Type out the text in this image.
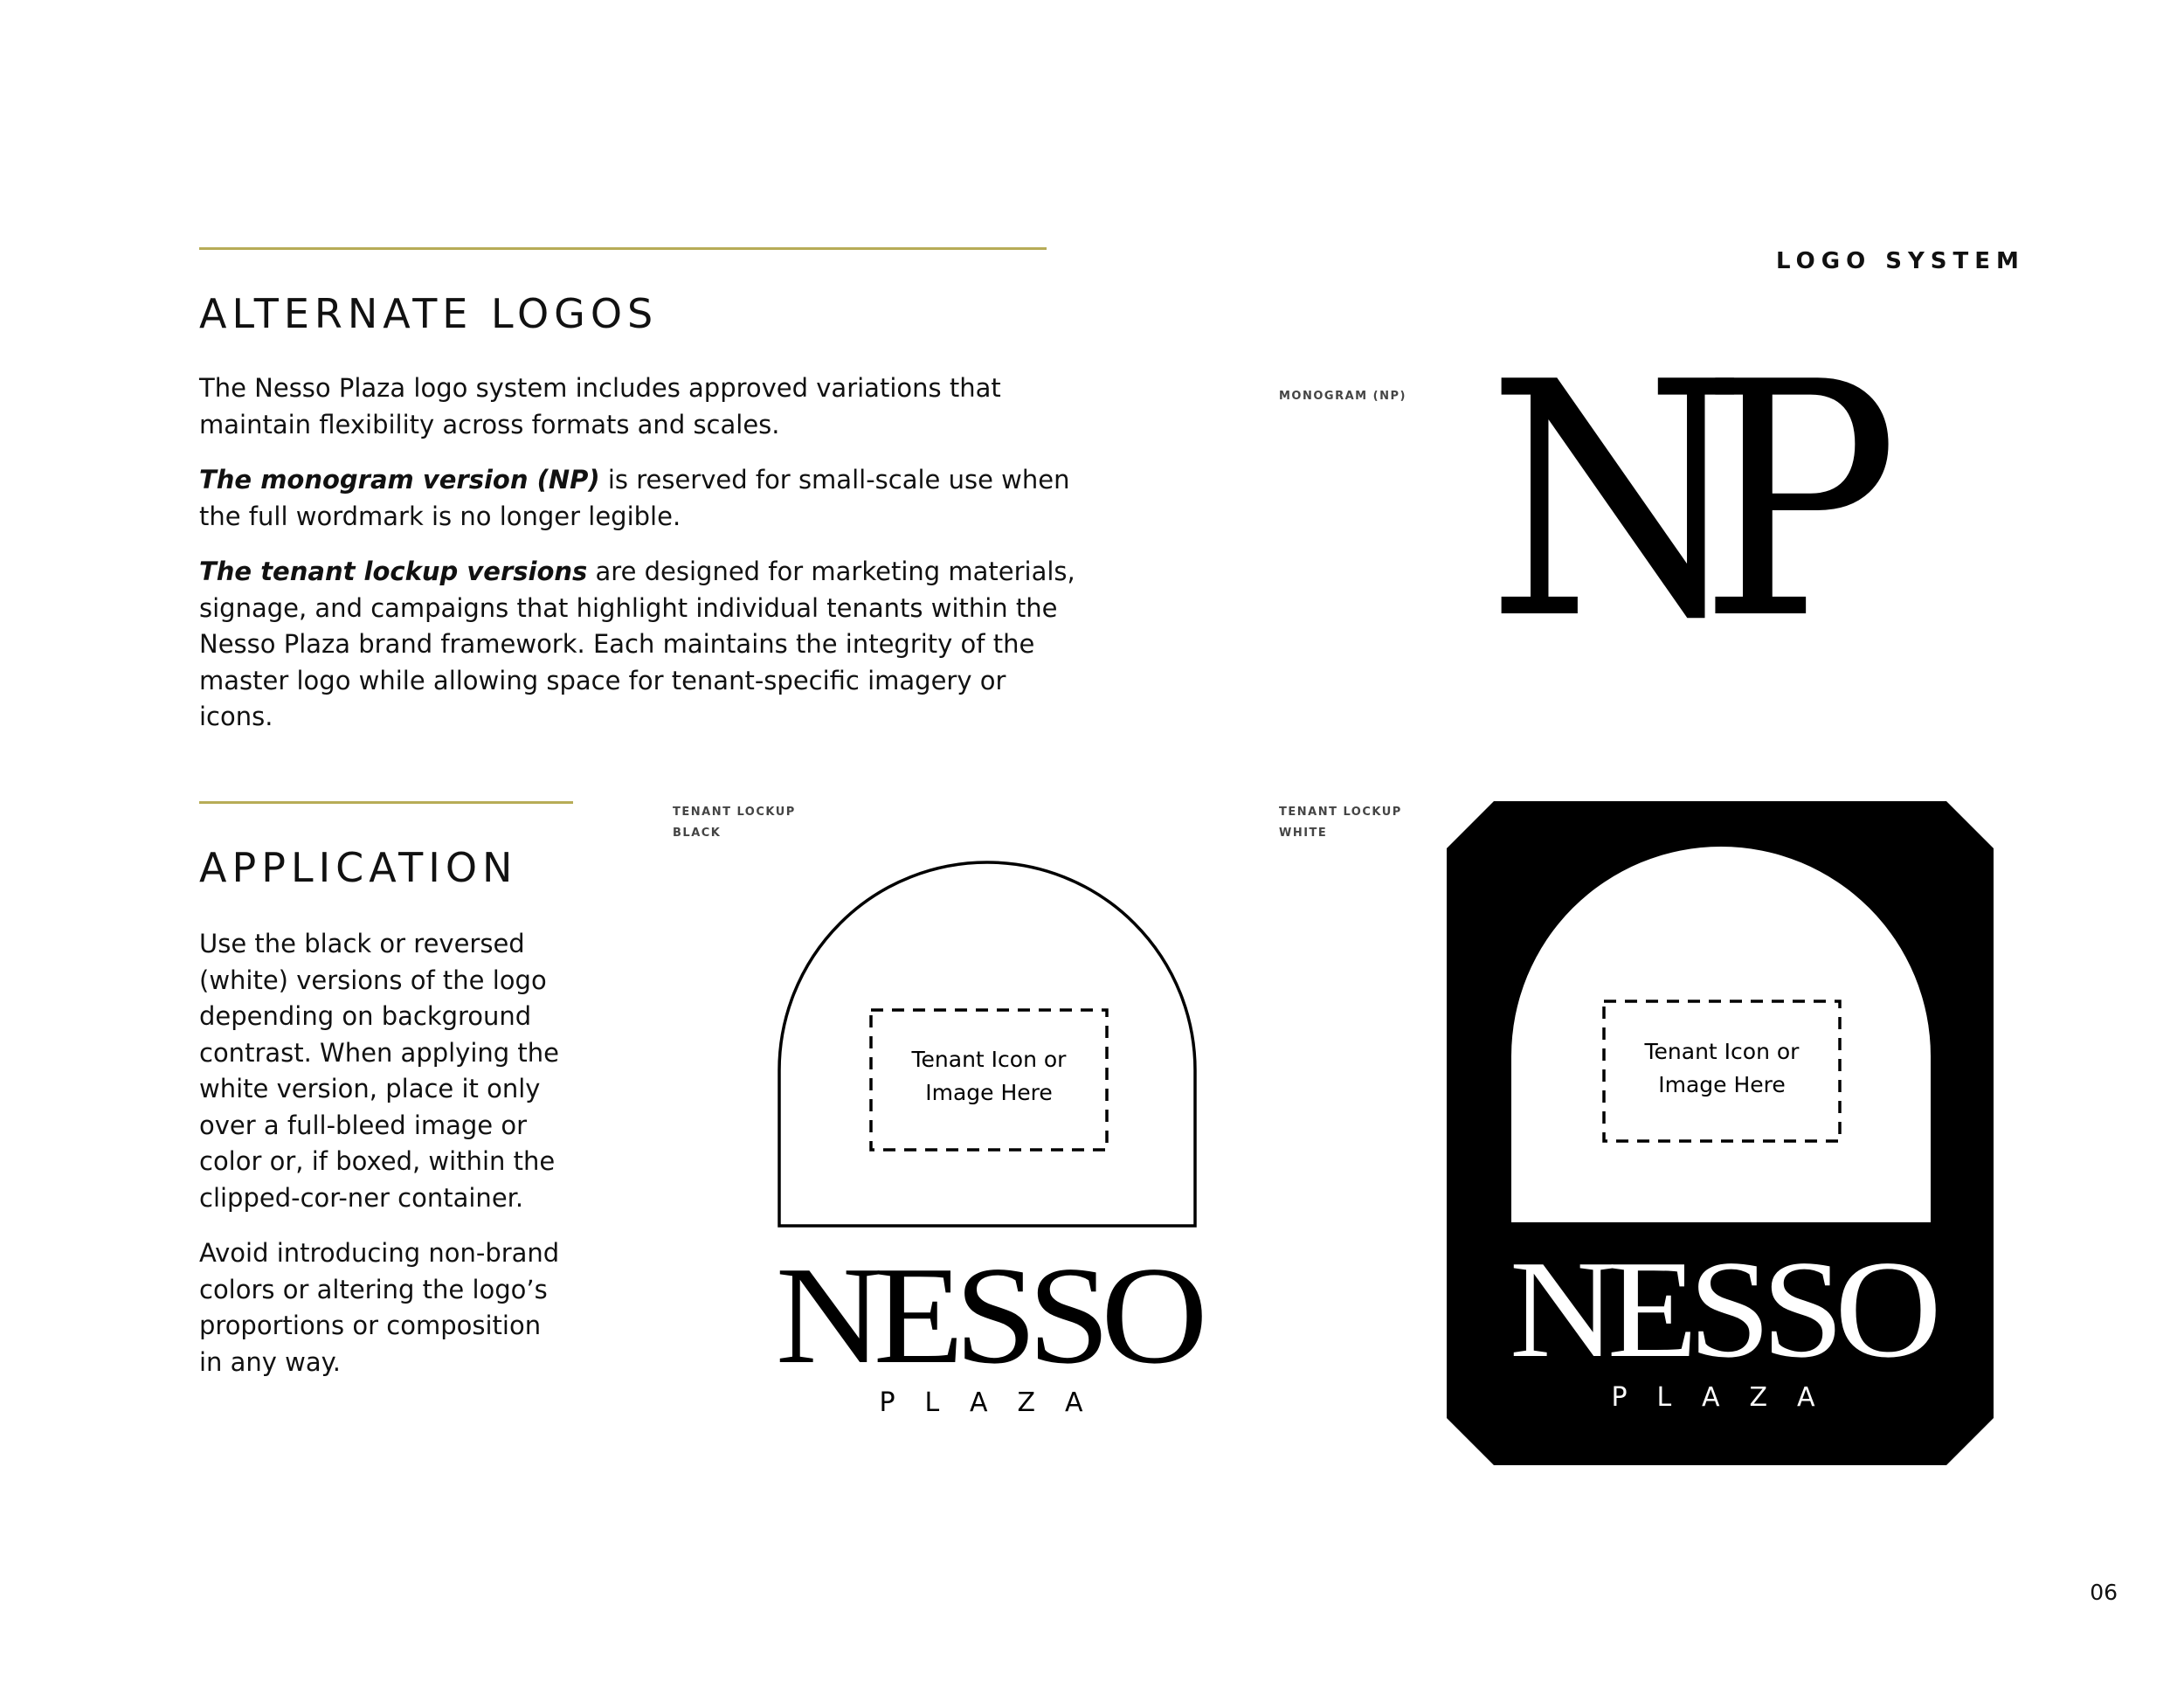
LOGO SYSTEM
ALTERNATE LOGOS

The Nesso Plaza logo system includes approved variations that maintain flexibility across formats and scales.

The monogram version (NP) is reserved for small-scale use when the full wordmark is no longer legible.

The tenant lockup versions are designed for marketing materials, signage, and campaigns that highlight individual tenants within the Nesso Plaza brand framework. Each maintains the integrity of the master logo while allowing space for tenant-specific imagery or icons.

MONOGRAM (NP) NP
APPLICATION

Use the black or reversed (white) versions of the logo depending on background contrast. When applying the white version, place it only over a full-bleed image or color or, if boxed, within the clipped-cor-ner container.

Avoid introducing non-brand colors or altering the logo’s proportions or composition in any way.

TENANT LOCKUP
BLACK
Tenant Icon or
Image Here
NESSO
PLAZA
TENANT LOCKUP
WHITE
Tenant Icon or
Image Here
NESSO
PLAZA
06
